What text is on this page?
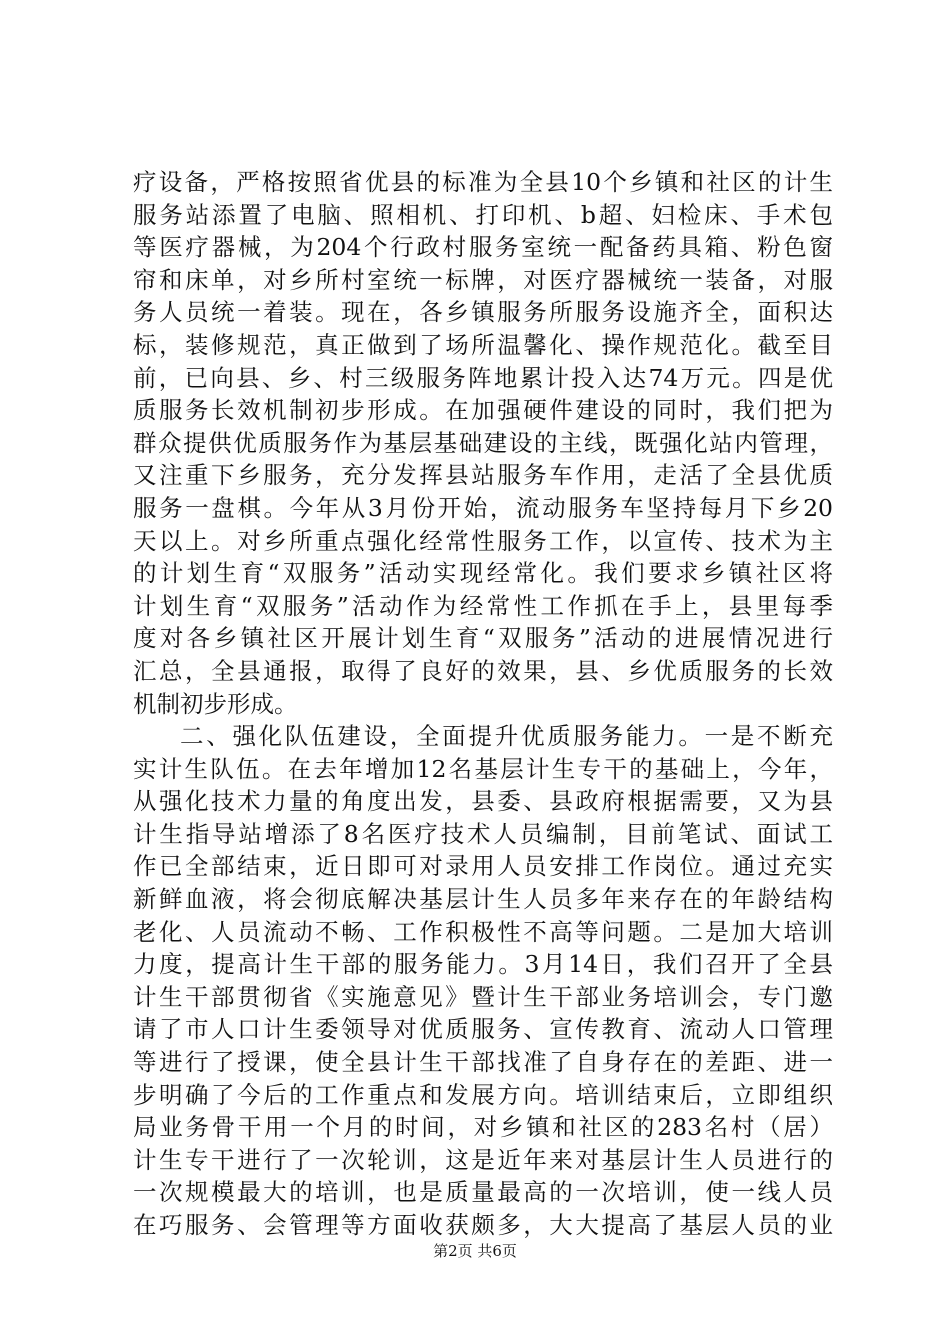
疗设备，严格按照省优县的标准为全县10个乡镇和社区的计生
服务站添置了电脑、照相机、打印机、b超、妇检床、手术包
等医疗器械，为204个行政村服务室统一配备药具箱、粉色窗
帘和床单，对乡所村室统一标牌，对医疗器械统一装备，对服
务人员统一着装。现在，各乡镇服务所服务设施齐全，面积达
标，装修规范，真正做到了场所温馨化、操作规范化。截至目
前，已向县、乡、村三级服务阵地累计投入达74万元。四是优
质服务长效机制初步形成。在加强硬件建设的同时，我们把为
群众提供优质服务作为基层基础建设的主线，既强化站内管理，
又注重下乡服务，充分发挥县站服务车作用，走活了全县优质
服务一盘棋。今年从3月份开始，流动服务车坚持每月下乡20
天以上。对乡所重点强化经常性服务工作，以宣传、技术为主
的计划生育“双服务”活动实现经常化。我们要求乡镇社区将
计划生育“双服务”活动作为经常性工作抓在手上，县里每季
度对各乡镇社区开展计划生育“双服务”活动的进展情况进行
汇总，全县通报，取得了良好的效果，县、乡优质服务的长效
机制初步形成。
二、强化队伍建设，全面提升优质服务能力。一是不断充
实计生队伍。在去年增加12名基层计生专干的基础上，今年，
从强化技术力量的角度出发，县委、县政府根据需要，又为县
计生指导站增添了8名医疗技术人员编制，目前笔试、面试工
作已全部结束，近日即可对录用人员安排工作岗位。通过充实
新鲜血液，将会彻底解决基层计生人员多年来存在的年龄结构
老化、人员流动不畅、工作积极性不高等问题。二是加大培训
力度，提高计生干部的服务能力。3月14日，我们召开了全县
计生干部贯彻省《实施意见》暨计生干部业务培训会，专门邀
请了市人口计生委领导对优质服务、宣传教育、流动人口管理
等进行了授课，使全县计生干部找准了自身存在的差距、进一
步明确了今后的工作重点和发展方向。培训结束后，立即组织
局业务骨干用一个月的时间，对乡镇和社区的283名村（居）
计生专干进行了一次轮训，这是近年来对基层计生人员进行的
一次规模最大的培训，也是质量最高的一次培训，使一线人员
在巧服务、会管理等方面收获颇多，大大提高了基层人员的业
第2页 共6页
